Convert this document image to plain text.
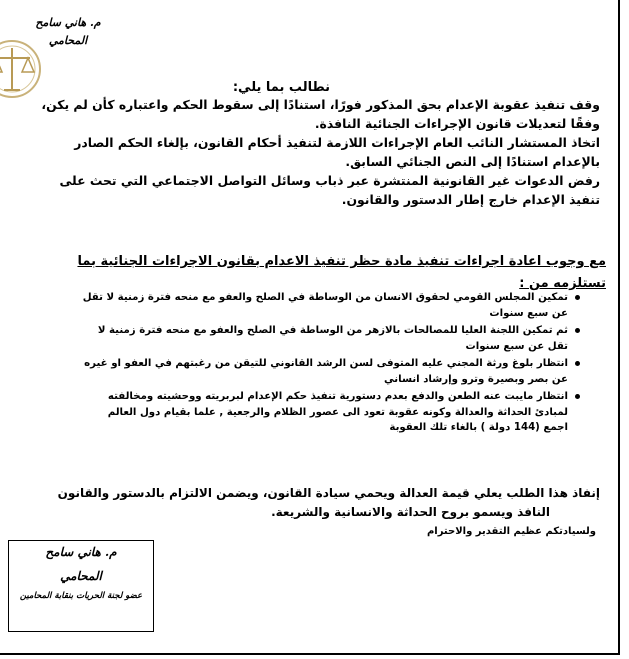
م. هاني سامح
المحامي
نطالب بما يلي:
وقف تنفيذ عقوبة الإعدام بحق المذكور فورًا، استنادًا إلى سقوط الحكم واعتباره كأن لم يكن،
وفقًا لتعديلات قانون الإجراءات الجنائية النافذة.
اتخاذ المستشار النائب العام الإجراءات اللازمة لتنفيذ أحكام القانون، بإلغاء الحكم الصادر
بالإعدام استنادًا إلى النص الجنائي السابق.
رفض الدعوات غير القانونية المنتشرة عبر ذباب وسائل التواصل الاجتماعي التي تحث على
تنفيذ الإعدام خارج إطار الدستور والقانون.
مع وجوب اعادة اجراءات تنفيذ مادة حظر تنفيذ الاعدام بقانون الاجراءات الجنائية بما
تستلزمه من :
تمكين المجلس القومي لحقوق الانسان من الوساطة في الصلح والعفو مع منحه فترة زمنية لا تقل
عن سبع سنوات
ثم تمكين اللجنة العليا للمصالحات بالازهر من الوساطة في الصلح والعفو مع منحه فترة زمنية لا
تقل عن سبع سنوات
انتظار بلوغ ورثة المجني عليه المتوفى لسن الرشد القانوني للتيقن من رغبتهم في العفو او غيره
عن بصر وبصيرة وترو وإرشاد انساني
انتظار مايبت عنه الطعن والدفع بعدم دستورية تنفيذ حكم الإعدام لبربريته ووحشيته ومخالفته
لمبادئ الحداثة والعدالة وكونه عقوبة تعود الى عصور الظلام والرجعية , علما بقيام دول العالم
اجمع (144 دولة ) بالغاء تلك العقوبة
إنفاذ هذا الطلب يعلي قيمة العدالة ويحمي سيادة القانون، ويضمن الالتزام بالدستور والقانون
النافذ ويسمو بروح الحداثة والانسانية والشريعة.
ولسيادتكم عظيم التقدير والاحترام
م. هاني سامح
المحامي
عضو لجنة الحريات بنقابة المحامين
